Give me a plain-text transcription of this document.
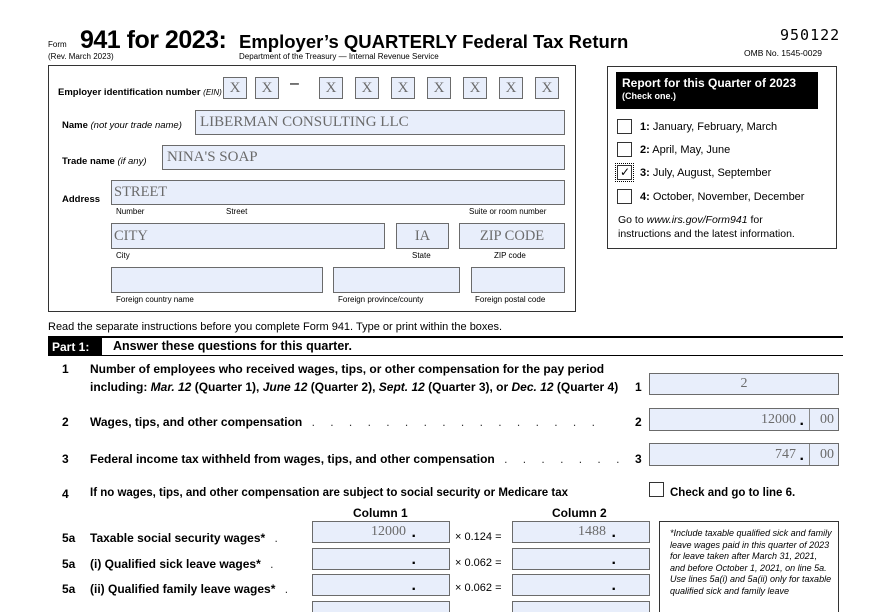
Form 941 for 2023: Employer’s QUARTERLY Federal Tax Return
(Rev. March 2023)	Department of the Treasury — Internal Revenue Service
950122
OMB No. 1545-0029
Employer identification number (EIN) X	X	–	X	X	X	X	X	X	X
Name (not your trade name)	LIBERMAN CONSULTING LLC
Trade name (if any)	NINA'S SOAP
Address STREET
Number	Street	Suite or room number
CITY	IA	ZIP CODE
City	State	ZIP code
Foreign country name	Foreign province/county	Foreign postal code
Report for this Quarter of 2023
(Check one.)
1: January, February, March
2: April, May, June
✓ 3: July, August, September
4: October, November, December
Go to www.irs.gov/Form941 for
instructions and the latest information.
Read the separate instructions before you complete Form 941. Type or print within the boxes.
Part 1:	Answer these questions for this quarter.
1 Number of employees who received wages, tips, or other compensation for the pay period
including: Mar. 12 (Quarter 1), June 12 (Quarter 2), Sept. 12 (Quarter 3), or Dec. 12 (Quarter 4) 1	2
2 Wages, tips, and other compensation . . . . . . . . . . . . . . . .	2	12000 . 00
3 Federal income tax withheld from wages, tips, and other compensation . . . . . . . 3	747 . 00
4 If no wages, tips, and other compensation are subject to social security or Medicare tax	Check and go to line 6.
Column 1	Column 2
5a Taxable social security wages* .	12000 .	× 0.124 =	1488 .
5a (i) Qualified sick leave wages* .	.	× 0.062 =	.
5a (ii) Qualified family leave wages* .	.	× 0.062 =	.
*Include taxable qualified sick and family leave wages paid in this quarter of 2023 for leave taken after March 31, 2021, and before October 1, 2021, on line 5a. Use lines 5a(i) and 5a(ii) only for taxable qualified sick and family leave
